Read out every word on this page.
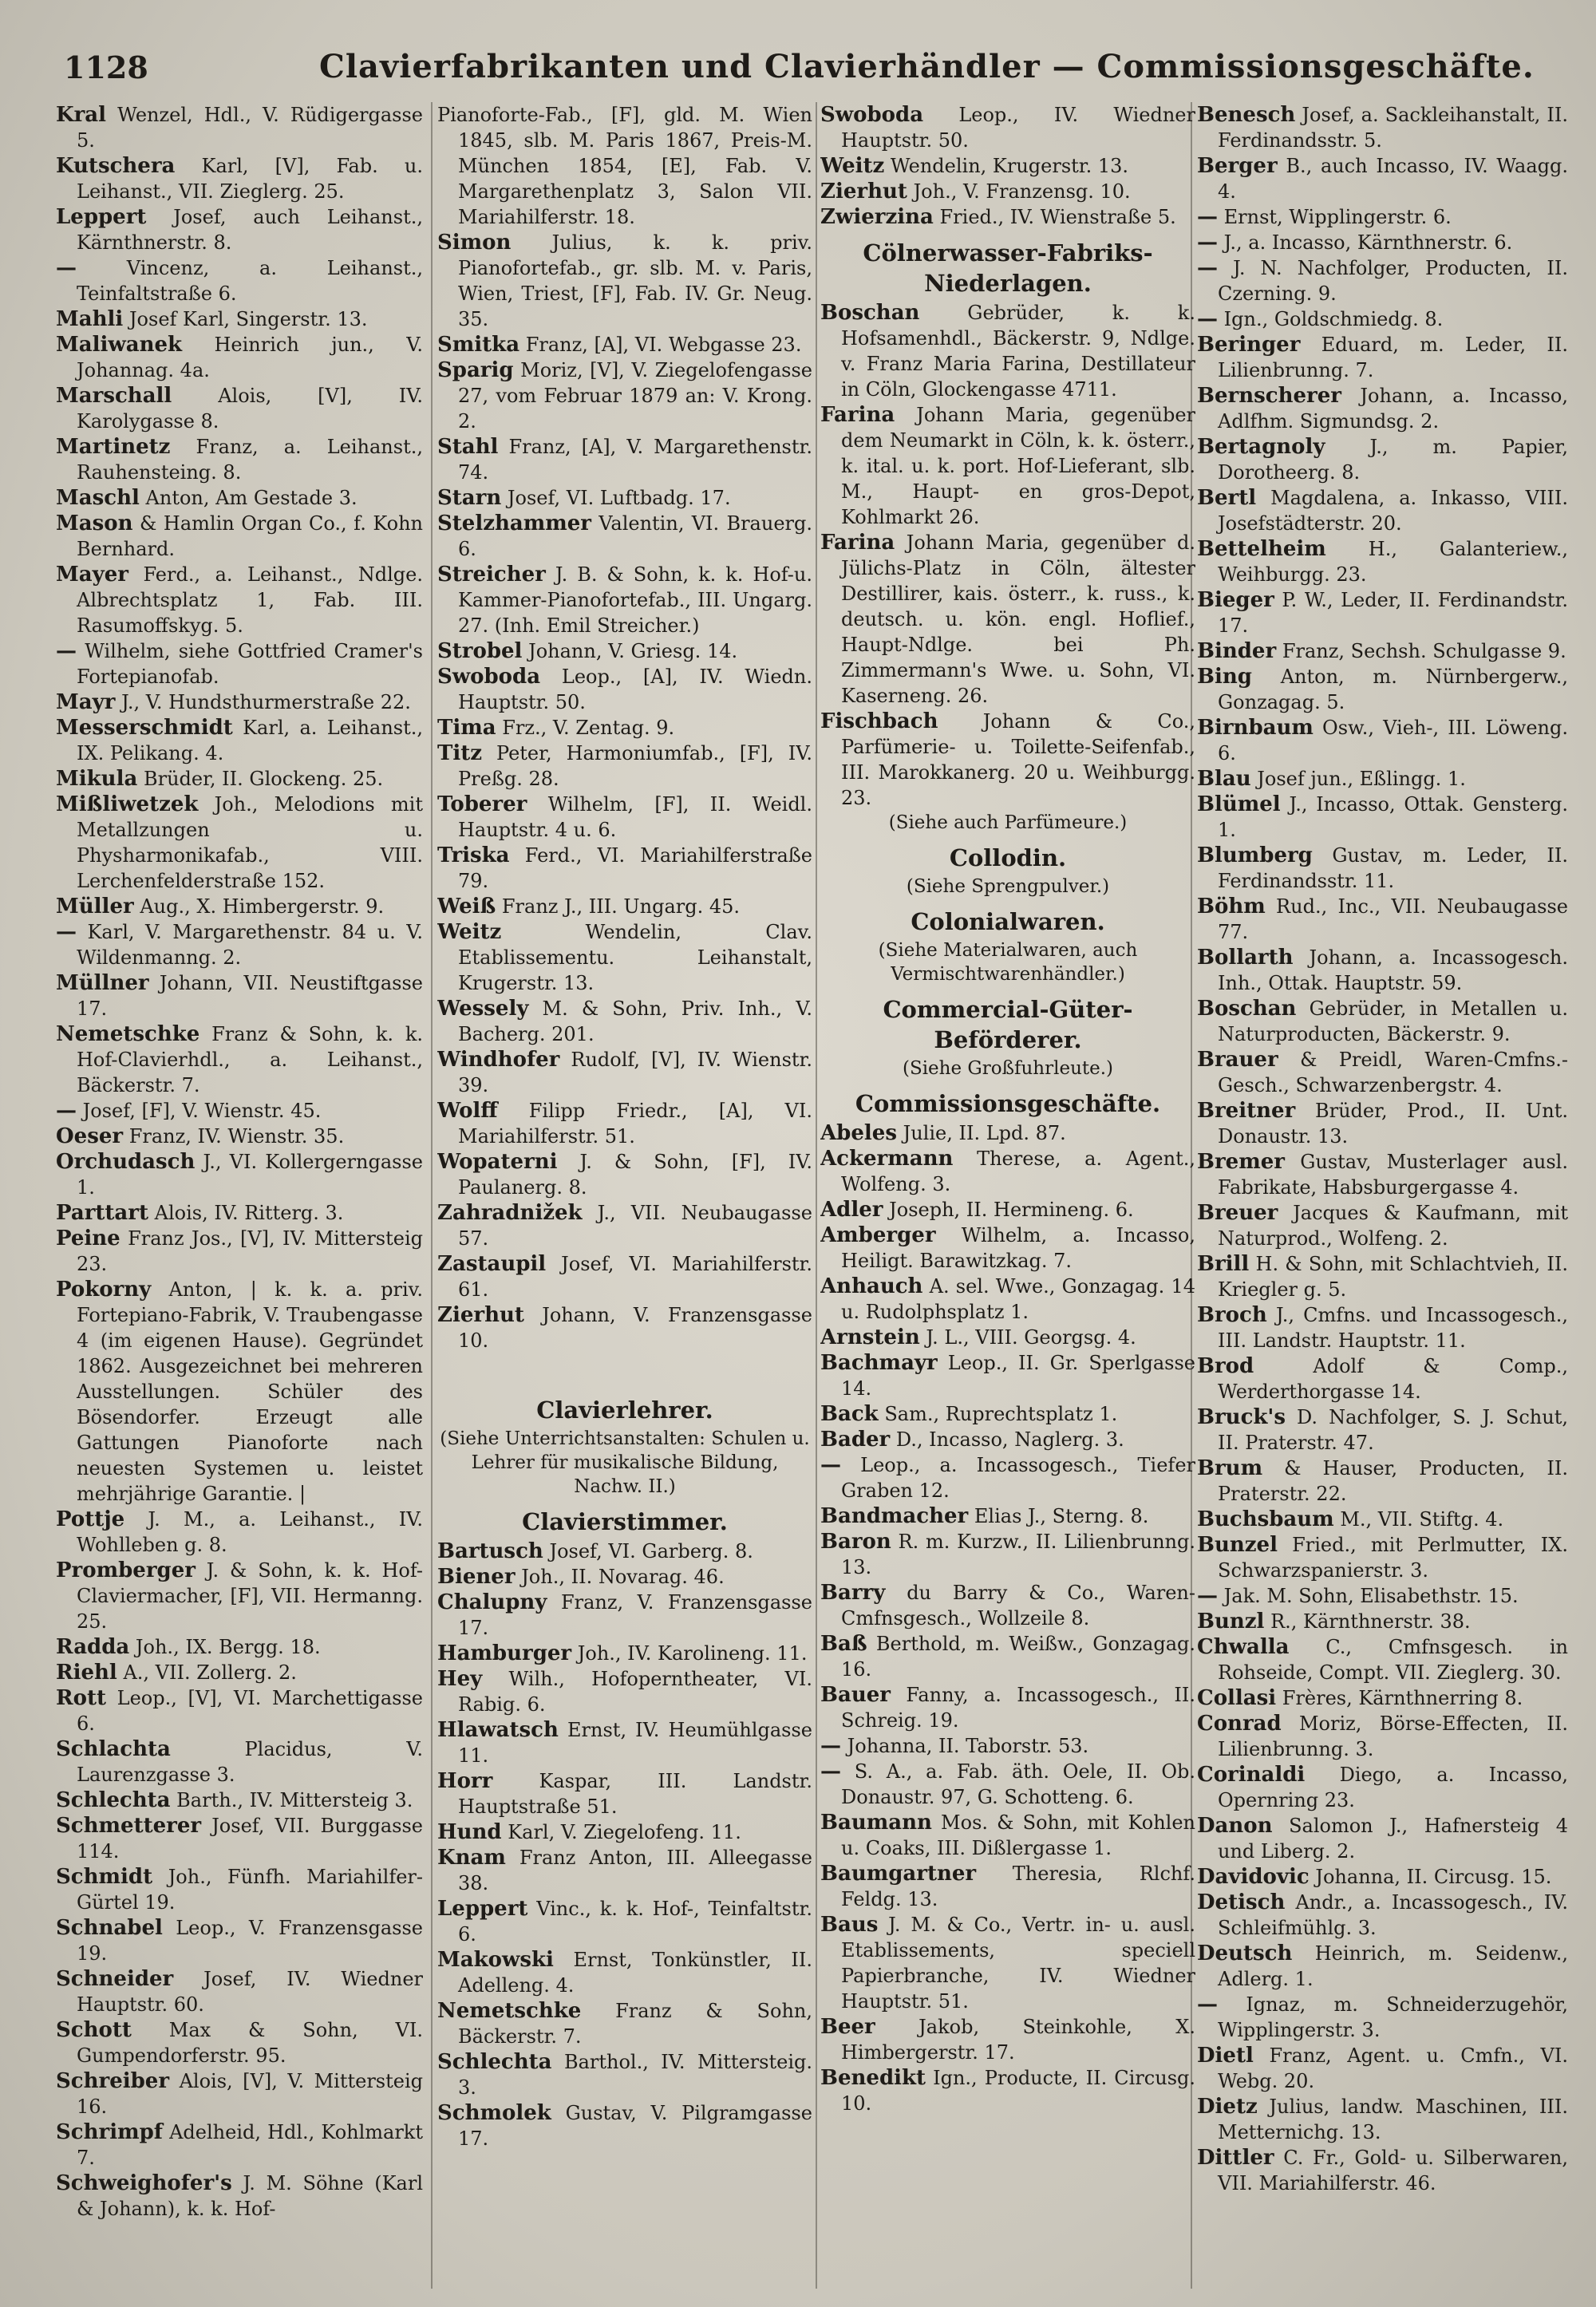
1128	Clavierfabrikanten und Clavierhändler — Commissionsgeschäfte.

Kral Wenzel, Hdl., V. Rüdigergasse 5.

Kutschera Karl, [V], Fab. u. Leihanst., VII. Zieglerg. 25.

Leppert Josef, auch Leihanst., Kärnthnerstr. 8.

—	Vincenz, a. Leihanst., Teinfaltstraße 6.

Mahli Josef Karl, Singerstr. 13.

Maliwanek Heinrich jun., V. Johannag. 4a.

Marschall Alois, [V], IV. Karolygasse 8.

Martinetz Franz, a. Leihanst., Rauhensteing. 8.

Maschl Anton, Am Gestade 3.

Mason & Hamlin Organ Co., f. Kohn Bernhard.

Mayer Ferd., a. Leihanst., Ndlge. Albrechtsplatz 1, Fab. III. Rasumoffskyg. 5.

— Wilhelm, siehe Gottfried Cramer's Fortepianofab.

Mayr J., V. Hundsthurmerstraße 22.

Messerschmidt Karl, a. Leihanst., IX. Pelikang. 4.

Mikula Brüder, II. Glockeng. 25.

Mißliwetzek Joh., Melodions mit Metallzungen u. Physharmonikafab., VIII. Lerchenfelderstraße 152.

Müller Aug., X. Himbergerstr. 9.

— Karl, V. Margarethenstr. 84 u. V. Wildenmanng. 2.

Müllner Johann, VII. Neustiftgasse 17.

Nemetschke Franz & Sohn, k. k. Hof-Clavierhdl., a. Leihanst., Bäckerstr. 7.

— Josef, [F], V. Wienstr. 45.

Oeser Franz, IV. Wienstr. 35.

Orchudasch J., VI. Kollergerngasse 1.

Parttart Alois, IV. Ritterg. 3.

Peine Franz Jos., [V], IV. Mittersteig 23.

Pokorny Anton, | k. k. a. priv. Fortepiano-Fabrik, V. Traubengasse 4 (im eigenen Hause). Gegründet 1862. Ausgezeichnet bei mehreren Ausstellungen. Schüler des Bösendorfer. Erzeugt alle Gattungen Pianoforte nach neuesten Systemen u. leistet mehrjährige Garantie. |

Pottje J. M., a. Leihanst., IV. Wohlleben g. 8.

Promberger J. & Sohn, k. k. Hof-Claviermacher, [F], VII. Hermanng. 25.

Radda Joh., IX. Bergg. 18.

Riehl A., VII. Zollerg. 2.

Rott Leop., [V], VI. Marchettigasse 6.

Schlachta	Placidus, V. Laurenzgasse 3.

Schlechta Barth., IV. Mittersteig 3.

Schmetterer Josef, VII. Burggasse 114.

Schmidt Joh., Fünfh. Mariahilfer-Gürtel 19.

Schnabel Leop., V. Franzensgasse 19.

Schneider Josef, IV. Wiedner Hauptstr. 60.

Schott Max & Sohn, VI. Gumpendorferstr. 95.

Schreiber Alois, [V], V. Mittersteig 16.

Schrimpf Adelheid, Hdl., Kohlmarkt 7.

Schweighofer's J. M. Söhne (Karl & Johann), k. k. Hof-

Pianoforte-Fab., [F], gld. M. Wien 1845, slb. M. Paris 1867, Preis-M. München 1854, [E], Fab. V. Margarethenplatz 3, Salon VII. Mariahilferstr. 18.

Simon Julius, k. k. priv. Pianofortefab., gr. slb. M. v. Paris, Wien, Triest, [F], Fab. IV. Gr. Neug. 35.

Smitka Franz, [A], VI. Webgasse 23.

Sparig Moriz, [V], V. Ziegelofengasse 27, vom Februar 1879 an: V. Krong. 2.

Stahl Franz, [A], V. Margarethenstr. 74.

Starn Josef, VI. Luftbadg. 17.

Stelzhammer Valentin, VI. Brauerg. 6.

Streicher J. B. & Sohn, k. k. Hof-u. Kammer-Pianofortefab., III. Ungarg. 27. (Inh. Emil Streicher.)

Strobel Johann, V. Griesg. 14.

Swoboda Leop., [A], IV. Wiedn. Hauptstr. 50.

Tima Frz., V. Zentag. 9.

Titz Peter, Harmoniumfab., [F], IV. Preßg. 28.

Toberer Wilhelm, [F], II. Weidl. Hauptstr. 4 u. 6.

Triska Ferd., VI. Mariahilferstraße 79.

Weiß Franz J., III. Ungarg. 45.

Weitz	Wendelin, Clav. Etablissementu. Leihanstalt, Krugerstr. 13.

Wessely M. & Sohn, Priv. Inh., V. Bacherg. 201.

Windhofer Rudolf, [V], IV. Wienstr. 39.

Wolff Filipp Friedr., [A], VI. Mariahilferstr. 51.

Wopaterni J. & Sohn, [F], IV. Paulanerg. 8.

Zahradnižek J., VII. Neubaugasse 57.

Zastaupil Josef, VI. Mariahilferstr. 61.

Zierhut Johann, V. Franzensgasse 10.

Clavierlehrer.
(Siehe Unterrichtsanstalten: Schulen u. Lehrer für musikalische Bildung, Nachw. II.)
Clavierstimmer.

Bartusch Josef, VI. Garberg. 8.

Biener Joh., II. Novarag. 46.

Chalupny Franz, V. Franzensgasse 17.

Hamburger Joh., IV. Karolineng. 11.

Hey Wilh., Hofoperntheater, VI. Rabig. 6.

Hlawatsch Ernst, IV. Heumühlgasse 11.

Horr Kaspar, III. Landstr. Hauptstraße 51.

Hund Karl, V. Ziegelofeng. 11.

Knam Franz Anton, III. Alleegasse 38.

Leppert Vinc., k. k. Hof-, Teinfaltstr. 6.

Makowski Ernst, Tonkünstler, II. Adelleng. 4.

Nemetschke Franz & Sohn, Bäckerstr. 7.

Schlechta Barthol., IV. Mittersteig. 3.

Schmolek Gustav, V. Pilgramgasse 17.

Swoboda Leop., IV. Wiedner Hauptstr. 50.

Weitz Wendelin, Krugerstr. 13.

Zierhut Joh., V. Franzensg. 10.

Zwierzina Fried., IV. Wienstraße 5.

Cölnerwasser-Fabriks-Niederlagen.

Boschan Gebrüder, k. k. Hofsamenhdl., Bäckerstr. 9, Ndlge. v. Franz Maria Farina, Destillateur in Cöln, Glockengasse 4711.

Farina Johann Maria, gegenüber dem Neumarkt in Cöln, k. k. österr., k. ital. u. k. port. Hof-Lieferant, slb. M., Haupt- en gros-Depot, Kohlmarkt 26.

Farina Johann Maria, gegenüber d. Jülichs-Platz in Cöln, ältester Destillirer, kais. österr., k. russ., k. deutsch. u. kön. engl. Hoflief., Haupt-Ndlge. bei Ph. Zimmermann's Wwe. u. Sohn, VI. Kaserneng. 26.

Fischbach Johann & Co., Parfümerie- u. Toilette-Seifenfab., III. Marokkanerg. 20 u. Weihburgg. 23.

(Siehe auch Parfümeure.)
Collodin.
(Siehe Sprengpulver.)
Colonialwaren.
(Siehe Materialwaren, auch Vermischtwarenhändler.)
Commercial-Güter-Beförderer.
(Siehe Großfuhrleute.)
Commissionsgeschäfte.

Abeles Julie, II. Lpd. 87.

Ackermann Therese, a. Agent., Wolfeng. 3.

Adler Joseph, II. Hermineng. 6.

Amberger Wilhelm, a. Incasso, Heiligt. Barawitzkag. 7.

Anhauch A. sel. Wwe., Gonzagag. 14 u. Rudolphsplatz 1.

Arnstein J. L., VIII. Georgsg. 4.

Bachmayr Leop., II. Gr. Sperlgasse 14.

Back Sam., Ruprechtsplatz 1.

Bader D., Incasso, Naglerg. 3.

— Leop., a. Incassogesch., Tiefer Graben 12.

Bandmacher Elias J., Sterng. 8.

Baron R. m. Kurzw., II. Lilienbrunng. 13.

Barry du Barry & Co., Waren-Cmfnsgesch., Wollzeile 8.

Baß Berthold, m. Weißw., Gonzagag. 16.

Bauer Fanny, a. Incassogesch., II. Schreig. 19.

— Johanna, II. Taborstr. 53.

— S. A., a. Fab. äth. Oele, II. Ob. Donaustr. 97, G. Schotteng. 6.

Baumann Mos. & Sohn, mit Kohlen u. Coaks, III. Dißlergasse 1.

Baumgartner Theresia, Rlchf. Feldg. 13.

Baus J. M. & Co., Vertr. in- u. ausl. Etablissements, speciell Papierbranche, IV. Wiedner Hauptstr. 51.

Beer Jakob, Steinkohle, X. Himbergerstr. 17.

Benedikt Ign., Producte, II. Circusg. 10.

Benesch Josef, a. Sackleihanstalt, II. Ferdinandsstr. 5.

Berger B., auch Incasso, IV. Waagg. 4.

— Ernst, Wipplingerstr. 6.

— J., a. Incasso, Kärnthnerstr. 6.

— J. N. Nachfolger, Producten, II. Czerning. 9.

— Ign., Goldschmiedg. 8.

Beringer Eduard, m. Leder, II. Lilienbrunng. 7.

Bernscherer Johann, a. Incasso, Adlfhm. Sigmundsg. 2.

Bertagnoly J., m. Papier, Dorotheerg. 8.

Bertl Magdalena, a. Inkasso, VIII. Josefstädterstr. 20.

Bettelheim H., Galanteriew., Weihburgg. 23.

Bieger P. W., Leder, II. Ferdinandstr. 17.

Binder Franz, Sechsh. Schulgasse 9.

Bing Anton, m. Nürnbergerw., Gonzagag. 5.

Birnbaum Osw., Vieh-, III. Löweng. 6.

Blau Josef jun., Eßlingg. 1.

Blümel J., Incasso, Ottak. Gensterg. 1.

Blumberg Gustav, m. Leder, II. Ferdinandsstr. 11.

Böhm Rud., Inc., VII. Neubaugasse 77.

Bollarth Johann, a. Incassogesch. Inh., Ottak. Hauptstr. 59.

Boschan Gebrüder, in Metallen u. Naturproducten, Bäckerstr. 9.

Brauer & Preidl, Waren-Cmfns.-Gesch., Schwarzenbergstr. 4.

Breitner Brüder, Prod., II. Unt. Donaustr. 13.

Bremer Gustav, Musterlager ausl. Fabrikate, Habsburgergasse 4.

Breuer Jacques & Kaufmann, mit Naturprod., Wolfeng. 2.

Brill H. & Sohn, mit Schlachtvieh, II. Kriegler g. 5.

Broch J., Cmfns. und Incassogesch., III. Landstr. Hauptstr. 11.

Brod	Adolf & Comp., Werderthorgasse 14.

Bruck's D. Nachfolger, S. J. Schut, II. Praterstr. 47.

Brum & Hauser, Producten, II. Praterstr. 22.

Buchsbaum M., VII. Stiftg. 4.

Bunzel Fried., mit Perlmutter, IX. Schwarzspanierstr. 3.

— Jak. M. Sohn, Elisabethstr. 15.

Bunzl R., Kärnthnerstr. 38.

Chwalla C., Cmfnsgesch. in Rohseide, Compt. VII. Zieglerg. 30.

Collasi Frères, Kärnthnerring 8.

Conrad Moriz, Börse-Effecten, II. Lilienbrunng. 3.

Corinaldi Diego, a. Incasso, Opernring 23.

Danon Salomon J., Hafnersteig 4 und Liberg. 2.

Davidovic Johanna, II. Circusg. 15.

Detisch Andr., a. Incassogesch., IV. Schleifmühlg. 3.

Deutsch Heinrich, m. Seidenw., Adlerg. 1.

— Ignaz, m. Schneiderzugehör, Wipplingerstr. 3.

Dietl Franz, Agent. u. Cmfn., VI. Webg. 20.

Dietz Julius, landw. Maschinen, III. Metternichg. 13.

Dittler C. Fr., Gold- u. Silberwaren, VII. Mariahilferstr. 46.
